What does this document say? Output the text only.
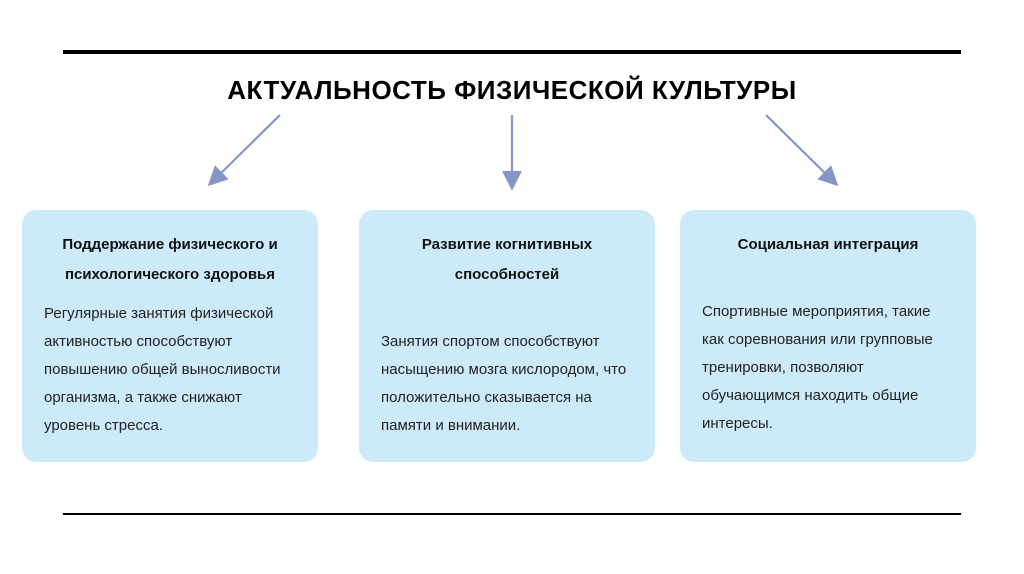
АКТУАЛЬНОСТЬ ФИЗИЧЕСКОЙ КУЛЬТУРЫ
Поддержание физического и психологического здоровья
Регулярные занятия физической активностью способствуют повышению общей выносливости организма, а также снижают уровень стресса.
Развитие когнитивных способностей
Занятия спортом способствуют насыщению мозга кислородом, что положительно сказывается на памяти и внимании.
Социальная интеграция
Спортивные мероприятия, такие как соревнования или групповые тренировки, позволяют обучающимся находить общие интересы.
